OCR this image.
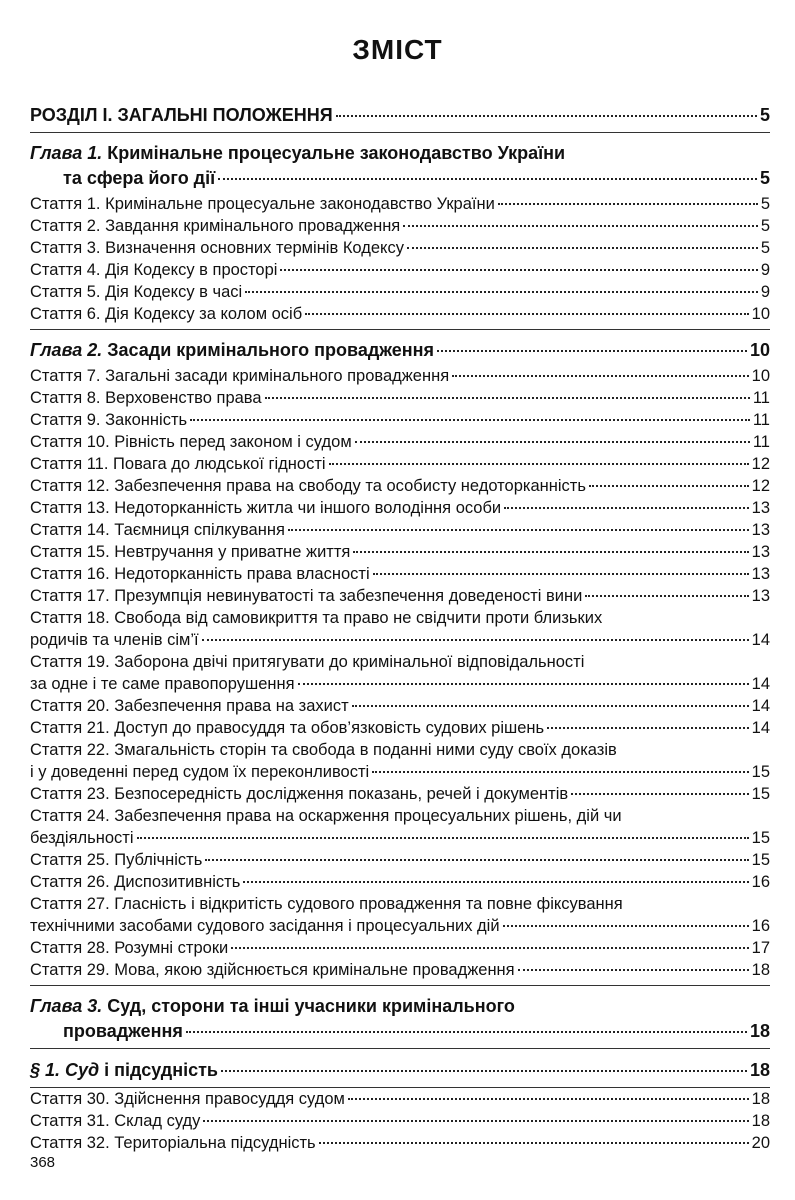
ЗМІСТ
РОЗДІЛ І. ЗАГАЛЬНІ ПОЛОЖЕННЯ	5
Глава 1. Кримінальне процесуальне законодавство України
та сфера його дії	5
Стаття 1. Кримінальне процесуальне законодавство України	5
Стаття 2. Завдання кримінального провадження	5
Стаття 3. Визначення основних термінів Кодексу	5
Стаття 4. Дія Кодексу в просторі	9
Стаття 5. Дія Кодексу в часі	9
Стаття 6. Дія Кодексу за колом осіб	10
Глава 2. Засади кримінального провадження	10
Стаття 7. Загальні засади кримінального провадження	10
Стаття 8. Верховенство права	11
Стаття 9. Законність	11
Стаття 10. Рівність перед законом і судом	11
Стаття 11. Повага до людської гідності	12
Стаття 12. Забезпечення права на свободу та особисту недоторканність	12
Стаття 13. Недоторканність житла чи іншого володіння особи	13
Стаття 14. Таємниця спілкування	13
Стаття 15. Невтручання у приватне життя	13
Стаття 16. Недоторканність права власності	13
Стаття 17. Презумпція невинуватості та забезпечення доведеності вини	13
Стаття 18. Свобода від самовикриття та право не свідчити проти близьких
родичів та членів сім’ї	14
Стаття 19. Заборона двічі притягувати до кримінальної відповідальності
за одне і те саме правопорушення	14
Стаття 20. Забезпечення права на захист	14
Стаття 21. Доступ до правосуддя та обов’язковість судових рішень	14
Стаття 22. Змагальність сторін та свобода в поданні ними суду своїх доказів
і у доведенні перед судом їх переконливості	15
Стаття 23. Безпосередність дослідження показань, речей і документів	15
Стаття 24. Забезпечення права на оскарження процесуальних рішень, дій чи
бездіяльності	15
Стаття 25. Публічність	15
Стаття 26. Диспозитивність	16
Стаття 27. Гласність і відкритість судового провадження та повне фіксування
технічними засобами судового засідання і процесуальних дій	16
Стаття 28. Розумні строки	17
Стаття 29. Мова, якою здійснюється кримінальне провадження	18
Глава 3. Суд, сторони та інші учасники кримінального
провадження	18
§ 1. Суд і підсудність	18
Стаття 30. Здійснення правосуддя судом	18
Стаття 31. Склад суду	18
Стаття 32. Територіальна підсудність	20
368
